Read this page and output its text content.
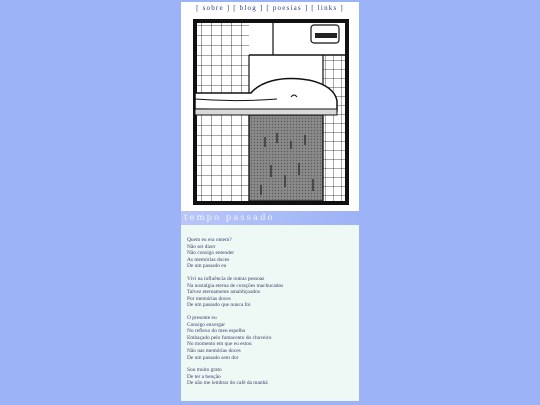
[ sobre ] [ blog ] [ poesias ] [ links ]
tempo passado
Quem eu era ontem?
Não sei dizer
Não consigo entender
As memórias doces
De um passado eu
Vivi na influência de outras pessoas
Na nostalgia eterna de corações machucados
Talvez eternamente amaldiçoados
Por memórias doces
De um passado que nunca foi
O presente eu
Consigo enxergar
No reflexo do meu espelho
Embaçado pelo fumacento do chuveiro
No momento em que eu estou
Não nas memórias doces
De um passado sem dor
Sou muito grato
De ter a benção
De não me lembrar do café da manhã
